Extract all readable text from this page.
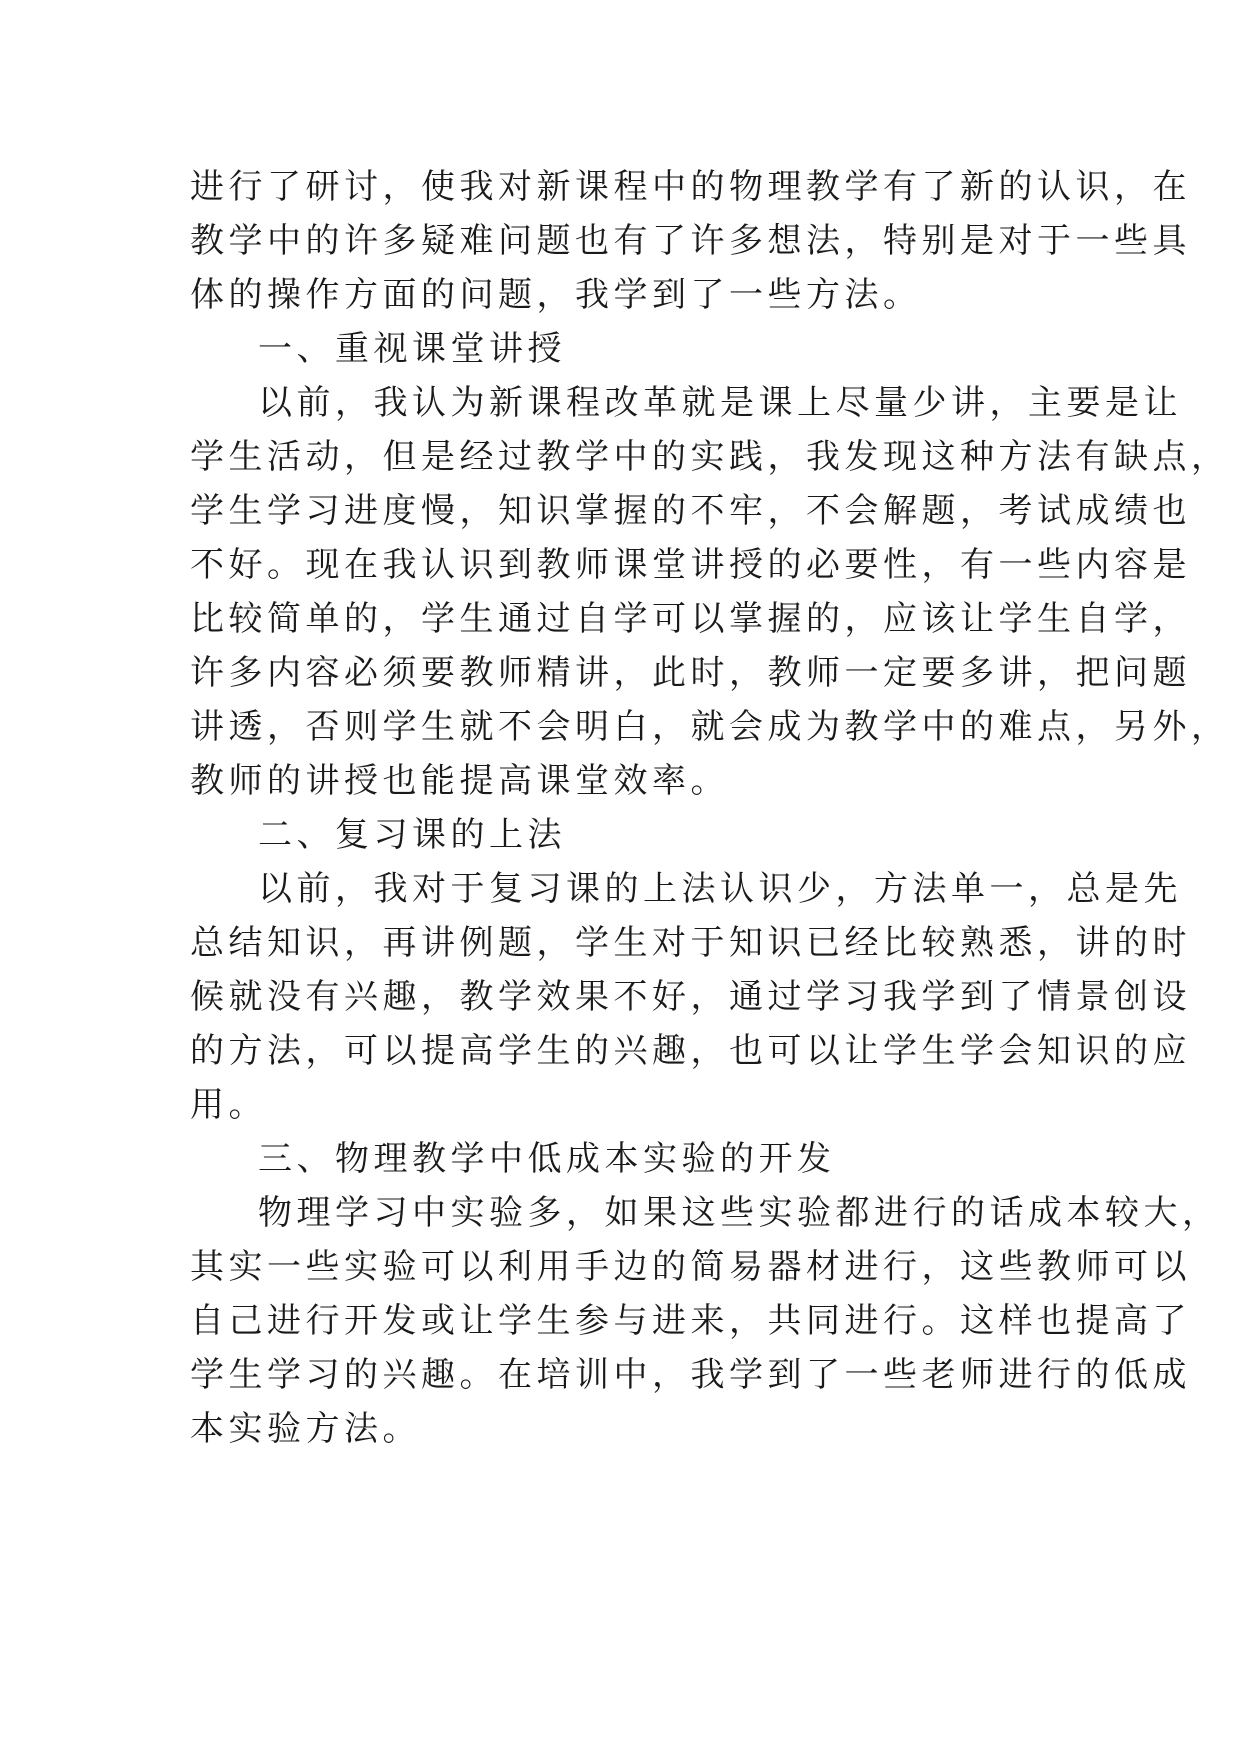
进行了研讨，使我对新课程中的物理教学有了新的认识，在
教学中的许多疑难问题也有了许多想法，特别是对于一些具
体的操作方面的问题，我学到了一些方法。
一、重视课堂讲授
以前，我认为新课程改革就是课上尽量少讲，主要是让
学生活动，但是经过教学中的实践，我发现这种方法有缺点，
学生学习进度慢，知识掌握的不牢，不会解题，考试成绩也
不好。现在我认识到教师课堂讲授的必要性，有一些内容是
比较简单的，学生通过自学可以掌握的，应该让学生自学，
许多内容必须要教师精讲，此时，教师一定要多讲，把问题
讲透，否则学生就不会明白，就会成为教学中的难点，另外，
教师的讲授也能提高课堂效率。
二、复习课的上法
以前，我对于复习课的上法认识少，方法单一，总是先
总结知识，再讲例题，学生对于知识已经比较熟悉，讲的时
候就没有兴趣，教学效果不好，通过学习我学到了情景创设
的方法，可以提高学生的兴趣，也可以让学生学会知识的应
用。
三、物理教学中低成本实验的开发
物理学习中实验多，如果这些实验都进行的话成本较大，
其实一些实验可以利用手边的简易器材进行，这些教师可以
自己进行开发或让学生参与进来，共同进行。这样也提高了
学生学习的兴趣。在培训中，我学到了一些老师进行的低成
本实验方法。
